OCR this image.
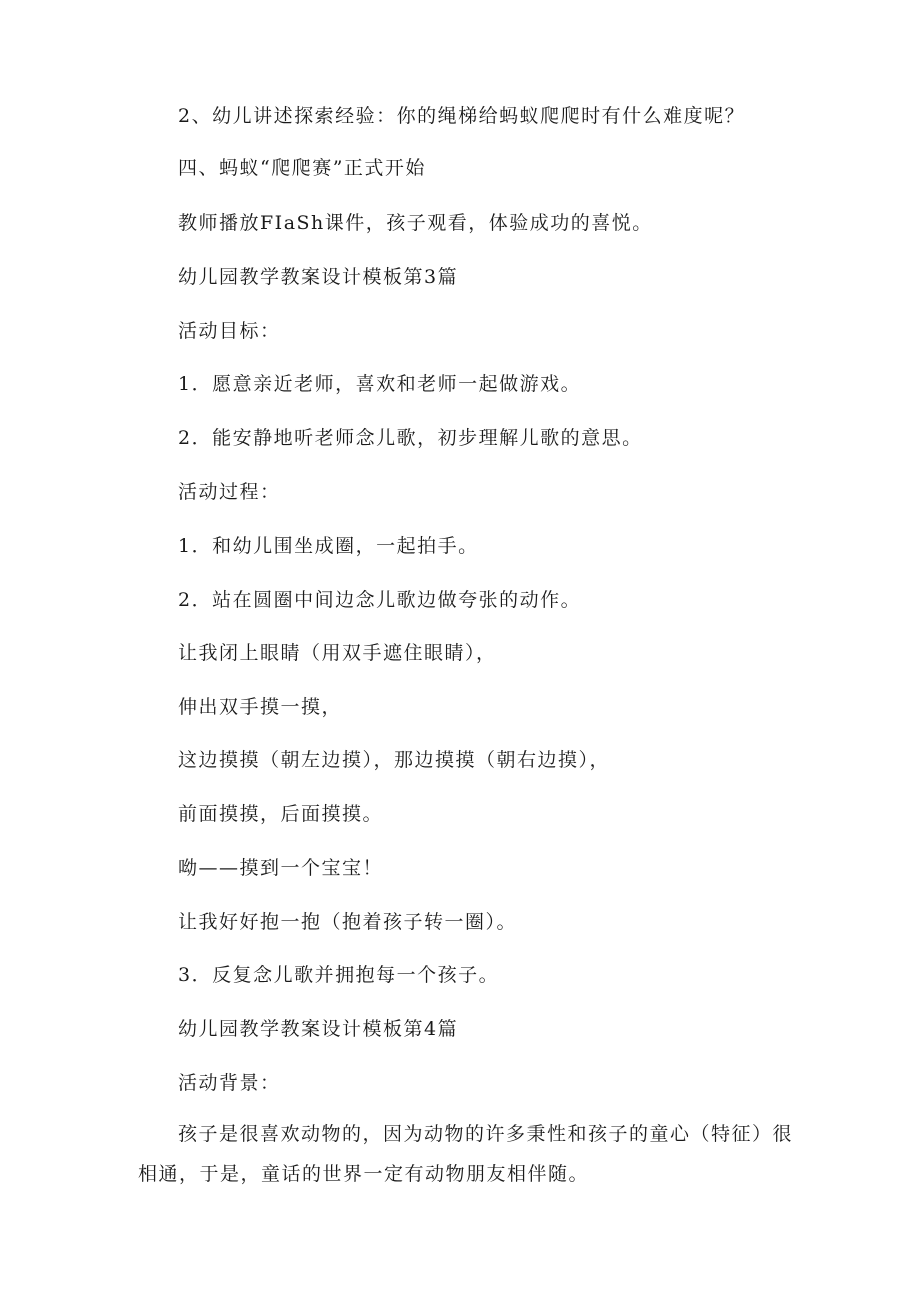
2、幼儿讲述探索经验：你的绳梯给蚂蚁爬爬时有什么难度呢？
四、蚂蚁“爬爬赛”正式开始
教师播放FIaSh课件，孩子观看，体验成功的喜悦。
幼儿园教学教案设计模板第3篇
活动目标：
1．愿意亲近老师，喜欢和老师一起做游戏。
2．能安静地听老师念儿歌，初步理解儿歌的意思。
活动过程：
1．和幼儿围坐成圈，一起拍手。
2．站在圆圈中间边念儿歌边做夸张的动作。
让我闭上眼睛（用双手遮住眼睛），
伸出双手摸一摸，
这边摸摸（朝左边摸），那边摸摸（朝右边摸），
前面摸摸，后面摸摸。
呦——摸到一个宝宝！
让我好好抱一抱（抱着孩子转一圈）。
3．反复念儿歌并拥抱每一个孩子。
幼儿园教学教案设计模板第4篇
活动背景：
孩子是很喜欢动物的，因为动物的许多秉性和孩子的童心（特征）很相通，于是，童话的世界一定有动物朋友相伴随。
